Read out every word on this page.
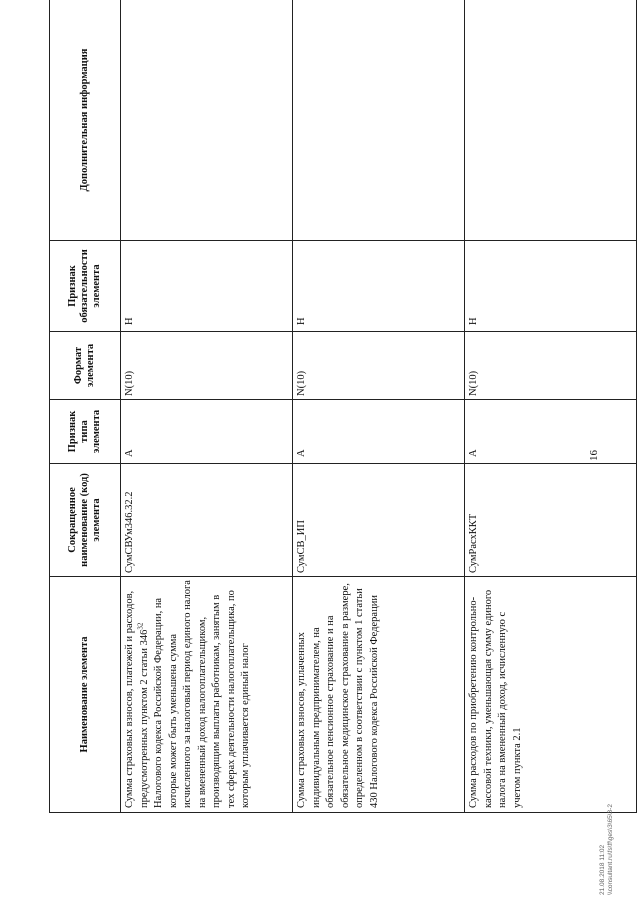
16
Наименование элемента	Сокращенное наименование (код) элемента	Признак типа элемента	Формат элемента	Признак обязательности элемента	Дополнительная информация
Сумма страховых взносов, платежей и расходов, предусмотренных пунктом 2 статьи $346^{32}$ Налогового кодекса Российской Федерации, на которые может быть уменьшена сумма исчисленного за налоговый период единого налога на вмененный доход налогоплательщиком, производящим выплаты работникам, занятым в тех сферах деятельности налогоплательщика, по которым уплачивается единый налог	СумСВУм346.32.2	А	N(10)	Н	
Сумма страховых взносов, уплаченных индивидуальным предпринимателем, на обязательное пенсионное страхование и на обязательное медицинское страхование в размере, определенном в соответствии с пунктом 1 статьи 430 Налогового кодекса Российской Федерации	СумСВ_ИП	А	N(10)	Н	
Сумма расходов по приобретению контрольно-кассовой техники, уменьшающая сумму единого налога на вмененный доход, исчисленную с учетом пункта 2.1	СумРасхККТ	А	N(10)	Н	
21.08.2018 11:02 \\consultant.ru\fs\ff\ges\3\65\3-2
